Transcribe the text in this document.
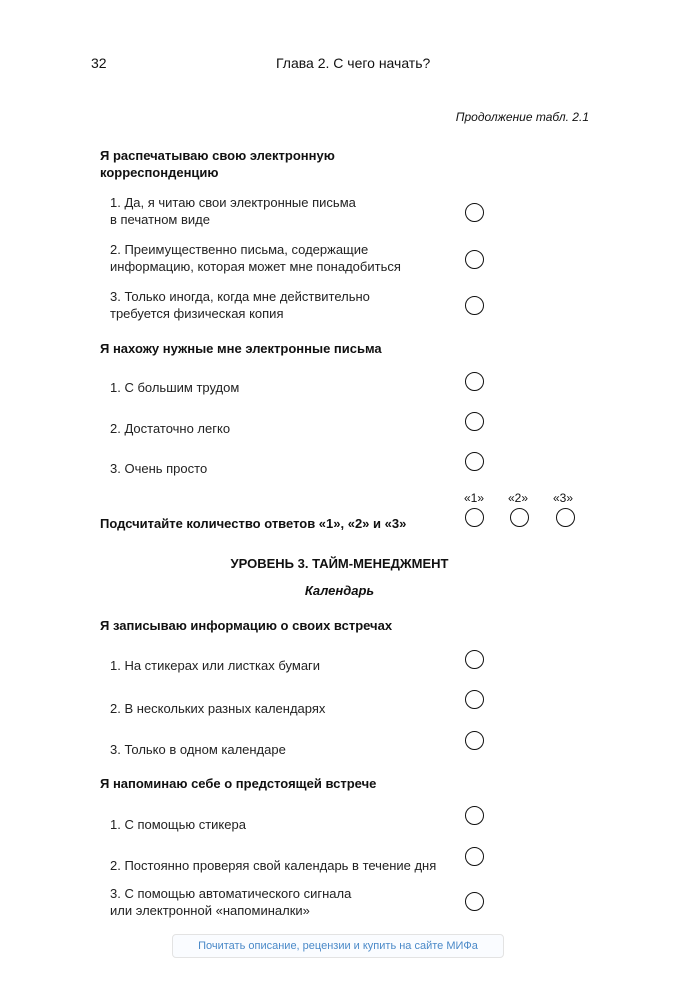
32	Глава 2. С чего начать?
Продолжение табл. 2.1
Я распечатываю свою электронную
корреспонденцию
1. Да, я читаю свои электронные письма
в печатном виде
2. Преимущественно письма, содержащие
информацию, которая может мне понадобиться
3. Только иногда, когда мне действительно
требуется физическая копия
Я нахожу нужные мне электронные письма
1. С большим трудом
2. Достаточно легко
3. Очень просто
«1» «2» «3»
Подсчитайте количество ответов «1», «2» и «3»
УРОВЕНЬ 3. ТАЙМ-МЕНЕДЖМЕНТ
Календарь
Я записываю информацию о своих встречах
1. На стикерах или листках бумаги
2. В нескольких разных календарях
3. Только в одном календаре
Я напоминаю себе о предстоящей встрече
1. С помощью стикера
2. Постоянно проверяя свой календарь в течение дня
3. С помощью автоматического сигнала
или электронной «напоминалки»
Почитать описание, рецензии и купить на сайте МИФа
